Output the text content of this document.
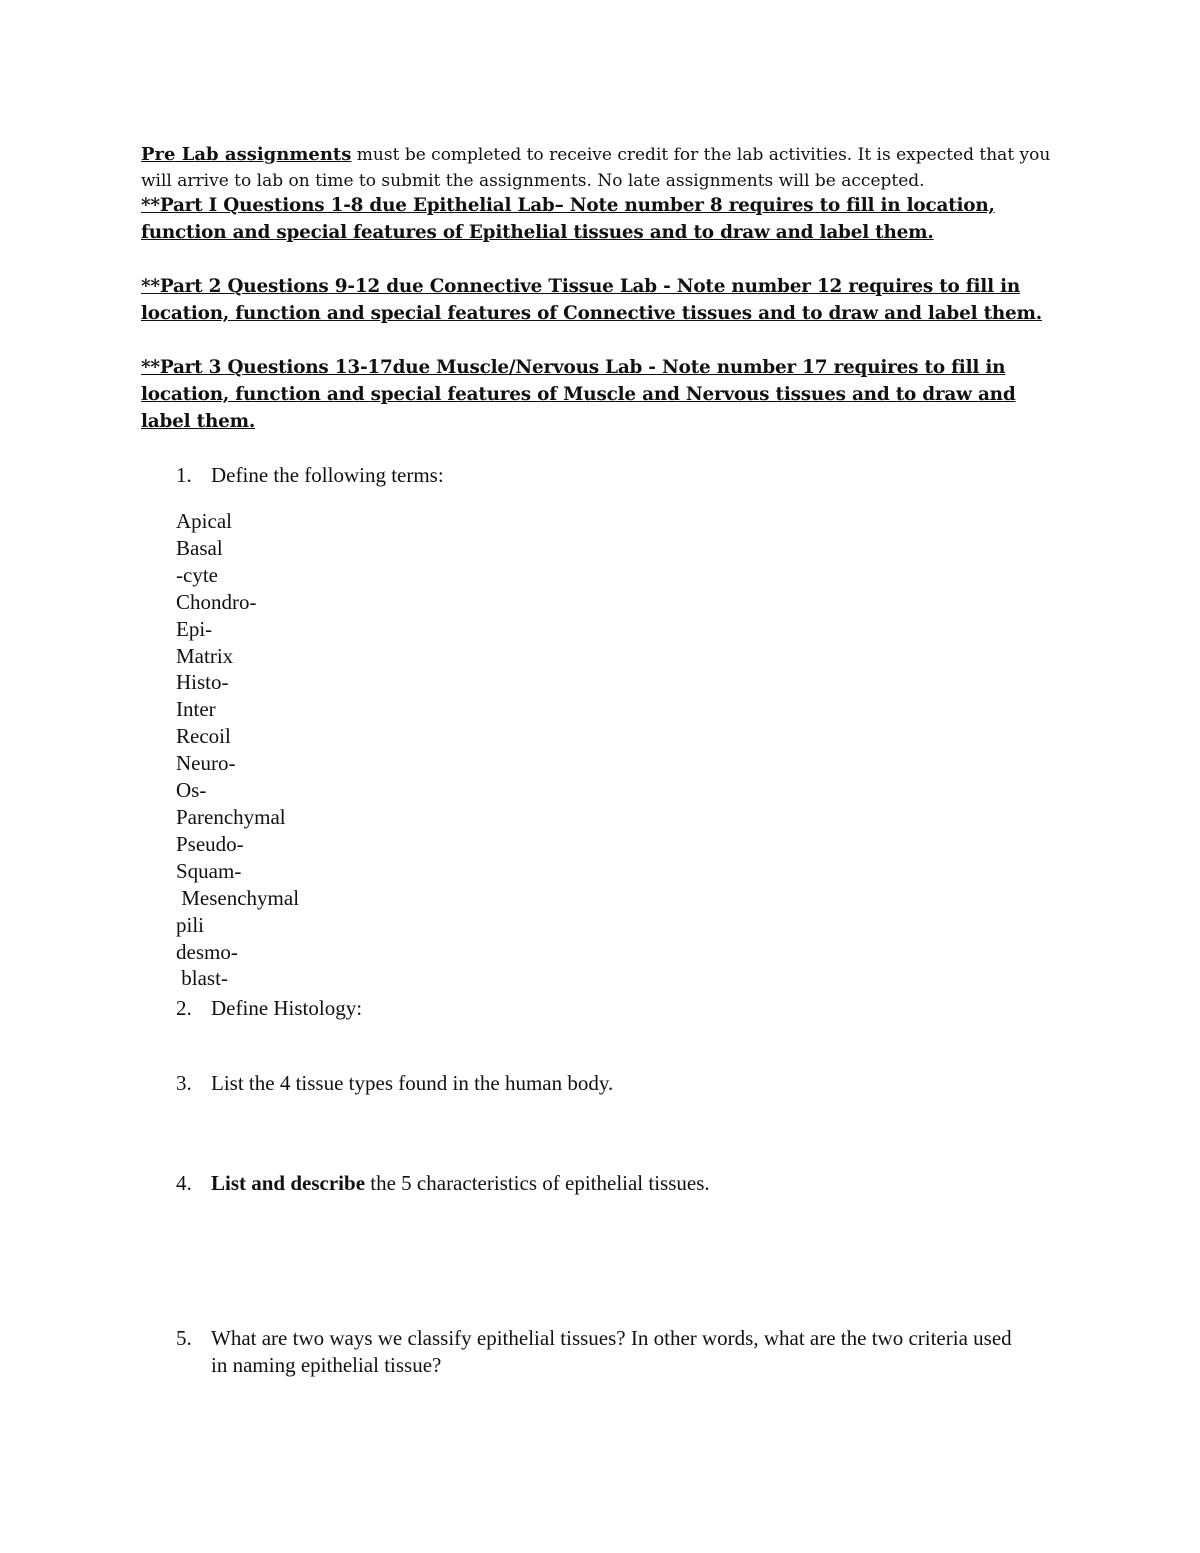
Pre Lab assignments must be completed to receive credit for the lab activities. It is expected that you will arrive to lab on time to submit the assignments. No late assignments will be accepted.
**Part I Questions 1-8 due Epithelial Lab– Note number 8 requires to fill in location, function and special features of Epithelial tissues and to draw and label them.
**Part 2 Questions 9-12 due Connective Tissue Lab - Note number 12 requires to fill in location, function and special features of Connective tissues and to draw and label them.
**Part 3 Questions 13-17due Muscle/Nervous Lab - Note number 17 requires to fill in location, function and special features of Muscle and Nervous tissues and to draw and label them.
1. Define the following terms:
Apical
Basal
-cyte
Chondro-
Epi-
Matrix
Histo-
Inter
Recoil
Neuro-
Os-
Parenchymal
Pseudo-
Squam-
Mesenchymal
pili
desmo-
blast-
2. Define Histology:
3. List the 4 tissue types found in the human body.
4. List and describe the 5 characteristics of epithelial tissues.
5. What are two ways we classify epithelial tissues? In other words, what are the two criteria used in naming epithelial tissue?
